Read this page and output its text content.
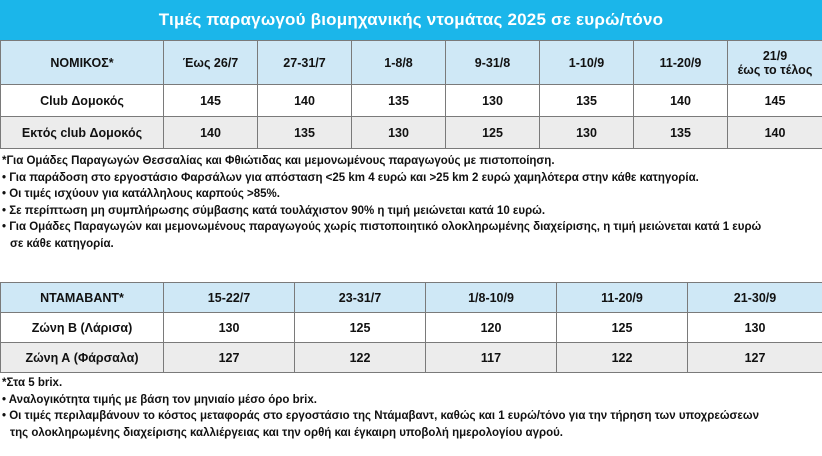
Τιμές παραγωγού βιομηχανικής ντομάτας 2025 σε ευρώ/τόνο
ΝΟΜΙΚΟΣ*	Έως 26/7	27-31/7	1-8/8	9-31/8	1-10/9	11-20/9	21/9
έως το τέλος
Club Δομοκός	145	140	135	130	135	140	145
Εκτός club Δομοκός	140	135	130	125	130	135	140
*Για Ομάδες Παραγωγών Θεσσαλίας και Φθιώτιδας και μεμονωμένους παραγωγούς με πιστοποίηση.
• Για παράδοση στο εργοστάσιο Φαρσάλων για απόσταση <25 km 4 ευρώ και >25 km 2 ευρώ χαμηλότερα στην κάθε κατηγορία.
• Οι τιμές ισχύουν για κατάλληλους καρπούς >85%.
• Σε περίπτωση μη συμπλήρωσης σύμβασης κατά τουλάχιστον 90% η τιμή μειώνεται κατά 10 ευρώ.
• Για Ομάδες Παραγωγών και μεμονωμένους παραγωγούς χωρίς πιστοποιητικό ολοκληρωμένης διαχείρισης, η τιμή μειώνεται κατά 1 ευρώ
σε κάθε κατηγορία.
ΝΤΑΜΑΒΑΝΤ*	15-22/7	23-31/7	1/8-10/9	11-20/9	21-30/9
Ζώνη Β (Λάρισα)	130	125	120	125	130
Ζώνη Α (Φάρσαλα)	127	122	117	122	127
*Στα 5 brix.
• Αναλογικότητα τιμής με βάση τον μηνιαίο μέσο όρο brix.
• Οι τιμές περιλαμβάνουν το κόστος μεταφοράς στο εργοστάσιο της Ντάμαβαντ, καθώς και 1 ευρώ/τόνο για την τήρηση των υποχρεώσεων
της ολοκληρωμένης διαχείρισης καλλιέργειας και την ορθή και έγκαιρη υποβολή ημερολογίου αγρού.
